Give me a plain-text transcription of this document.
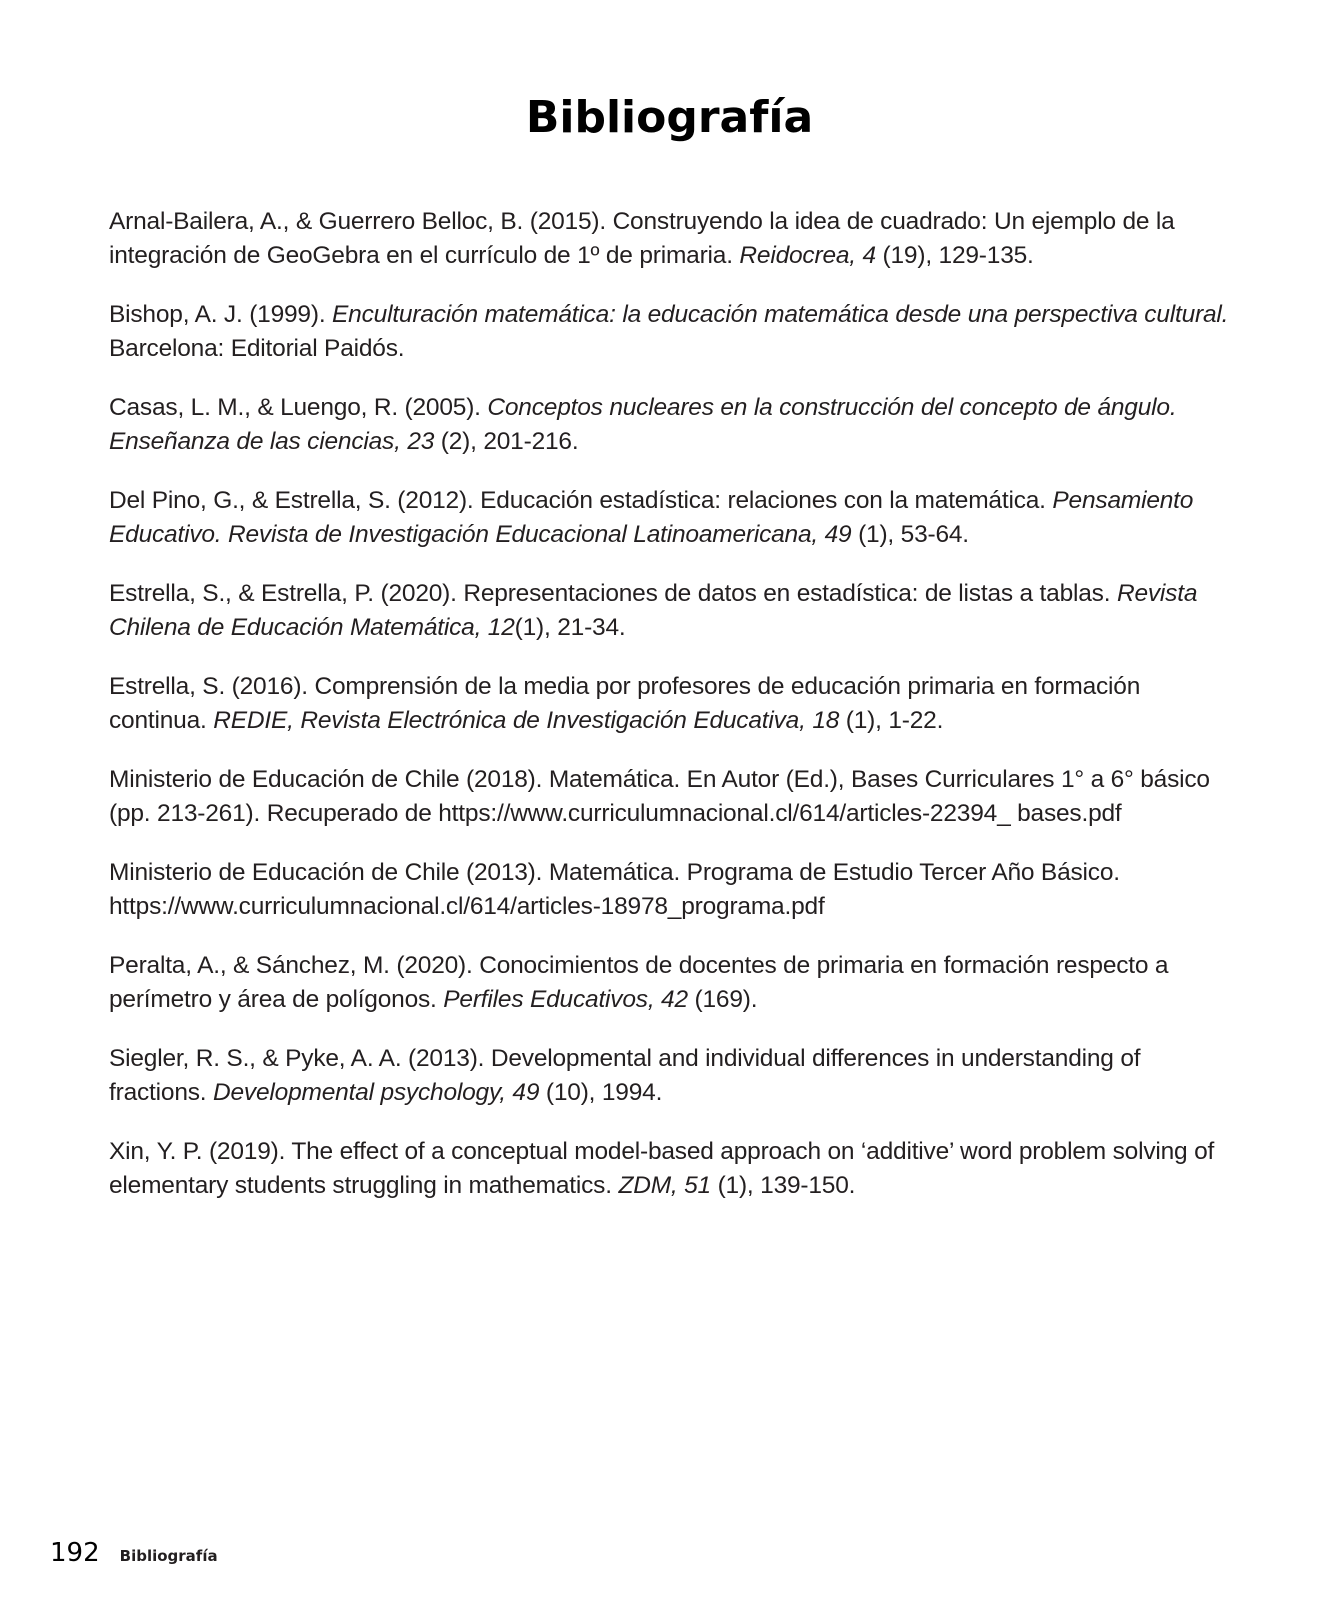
Bibliografía

Arnal-Bailera, A., & Guerrero Belloc, B. (2015). Construyendo la idea de cuadrado: Un ejemplo de la integración de GeoGebra en el currículo de 1º de primaria. Reidocrea, 4 (19), 129-135.

Bishop, A. J. (1999). Enculturación matemática: la educación matemática desde una perspectiva cultural. Barcelona: Editorial Paidós.

Casas, L. M., & Luengo, R. (2005). Conceptos nucleares en la construcción del concepto de ángulo. Enseñanza de las ciencias, 23 (2), 201-216.

Del Pino, G., & Estrella, S. (2012). Educación estadística: relaciones con la matemática. Pensamiento Educativo. Revista de Investigación Educacional Latinoamericana, 49 (1), 53-64.

Estrella, S., & Estrella, P. (2020). Representaciones de datos en estadística: de listas a tablas. Revista Chilena de Educación Matemática, 12(1), 21-34.

Estrella, S. (2016). Comprensión de la media por profesores de educación primaria en formación continua. REDIE, Revista Electrónica de Investigación Educativa, 18 (1), 1-22.

Ministerio de Educación de Chile (2018). Matemática. En Autor (Ed.), Bases Curriculares 1° a 6° básico (pp. 213-261). Recuperado de https://www.curriculumnacional.cl/614/articles-22394_ bases.pdf

Ministerio de Educación de Chile (2013). Matemática. Programa de Estudio Tercer Año Básico. https://www.curriculumnacional.cl/614/articles-18978_programa.pdf

Peralta, A., & Sánchez, M. (2020). Conocimientos de docentes de primaria en formación respecto a perímetro y área de polígonos. Perfiles Educativos, 42 (169).

Siegler, R. S., & Pyke, A. A. (2013). Developmental and individual differences in understanding of fractions. Developmental psychology, 49 (10), 1994.

Xin, Y. P. (2019). The effect of a conceptual model-based approach on ‘additive’ word problem solving of elementary students struggling in mathematics. ZDM, 51 (1), 139-150.

192 Bibliografía
